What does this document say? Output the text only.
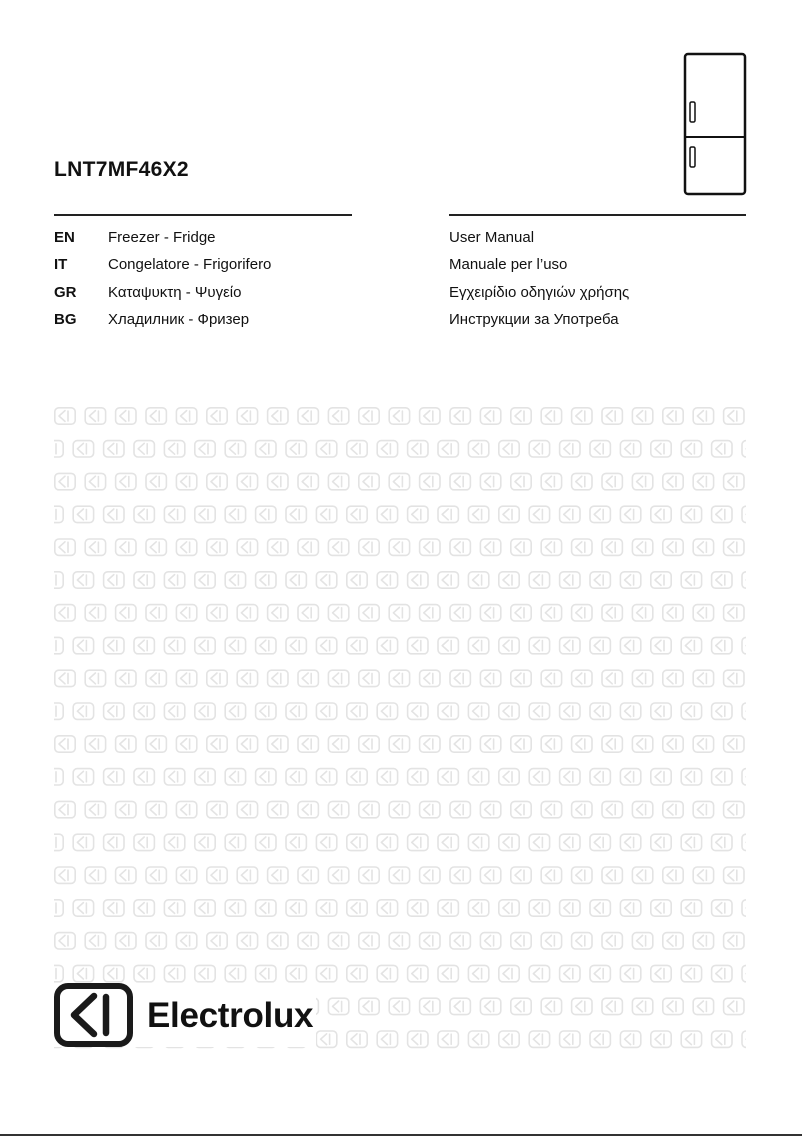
LNT7MF46X2
EN Freezer - Fridge	User Manual
IT	Congelatore - Frigorifero	Manuale per l’uso
GR Καταψυκτη - Ψυγείο	Εγχειρίδιο οδηγιών χρήσης
BG Хладилник - Фризер	Инструкции за Употреба
Electrolux
